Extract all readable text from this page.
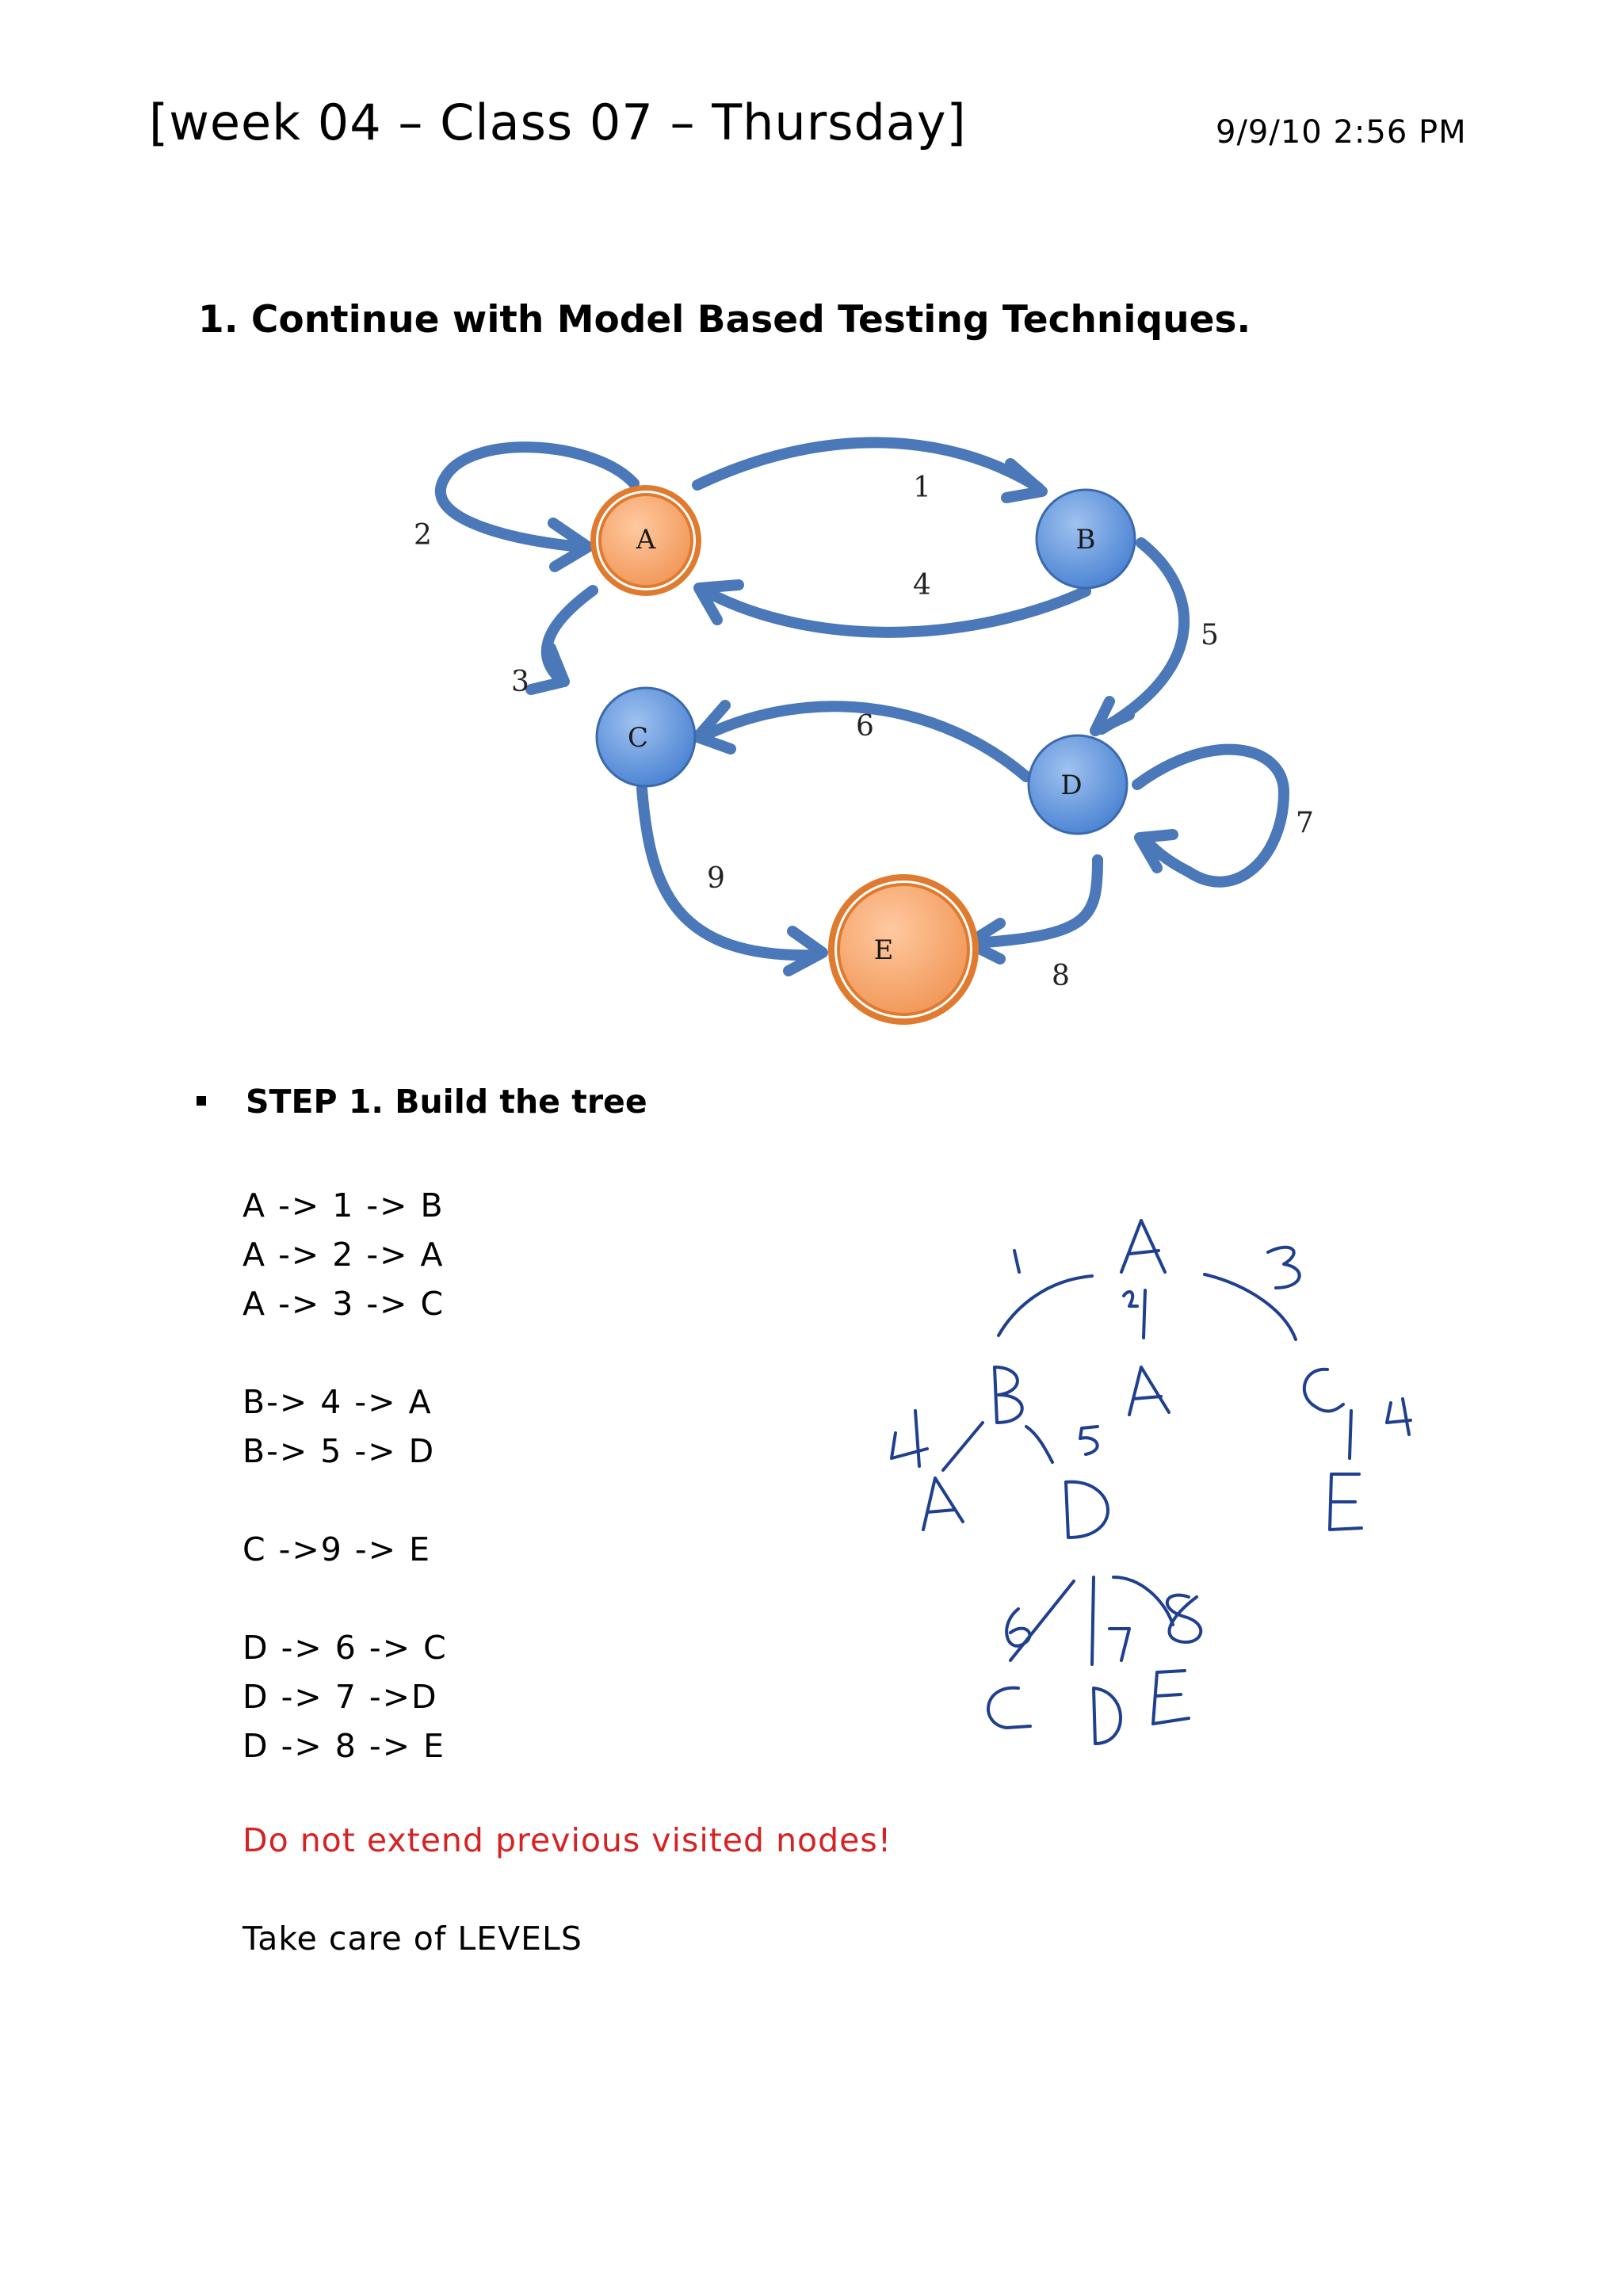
[week 04 – Class 07 – Thursday]	9/9/10 2:56 PM
1. Continue with Model Based Testing Techniques.
A	B
C
D
E
1
2
3
4
5
6
7
8
9
STEP 1. Build the tree
A -> 1 -> B
A -> 2 -> A
A -> 3 -> C
B-> 4 -> A
B-> 5 -> D
C ->9 -> E
D -> 6 -> C
D -> 7 ->D
D -> 8 -> E
Do not extend previous visited nodes!
Take care of LEVELS
